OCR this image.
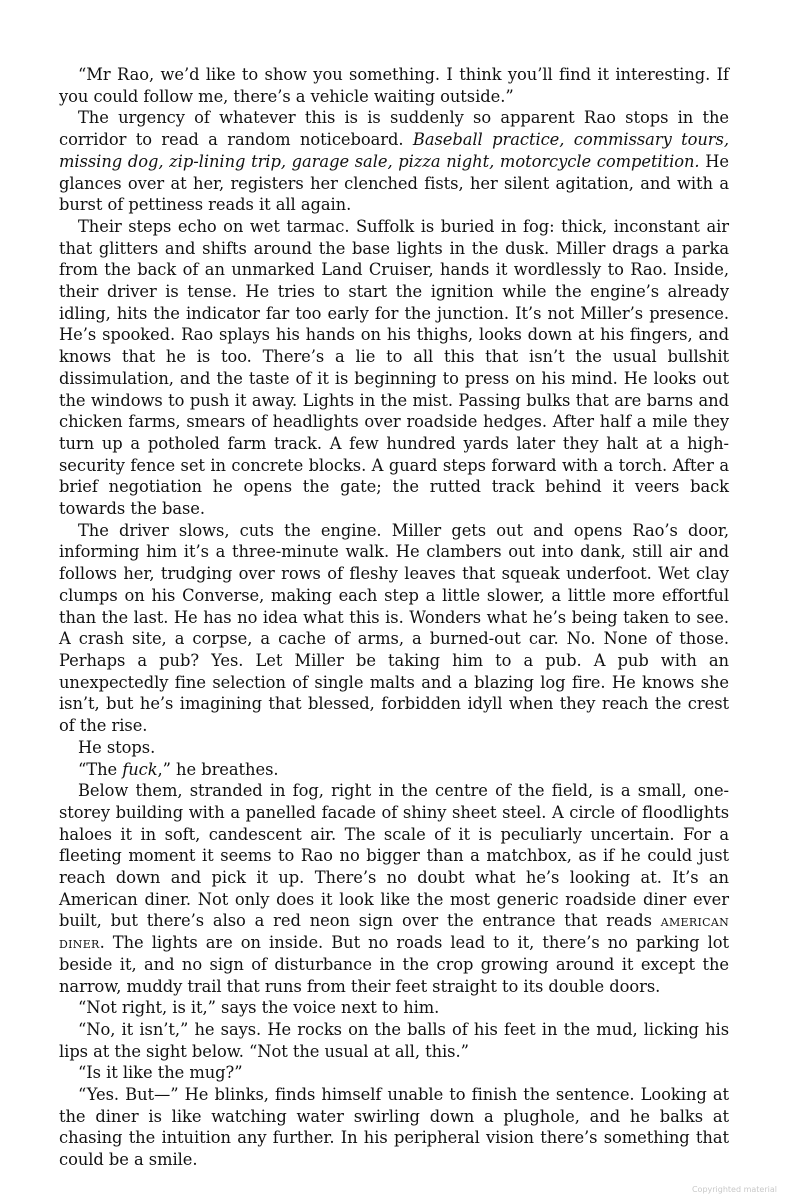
“Mr Rao, we’d like to show you something. I think you’ll find it interesting. If you could follow me, there’s a vehicle waiting outside.”

The urgency of whatever this is is suddenly so apparent Rao stops in the corridor to read a random noticeboard. Baseball practice, commissary tours, missing dog, zip-lining trip, garage sale, pizza night, motorcycle competition. He glances over at her, registers her clenched fists, her silent agitation, and with a burst of pettiness reads it all again.

Their steps echo on wet tarmac. Suffolk is buried in fog: thick, inconstant air that glitters and shifts around the base lights in the dusk. Miller drags a parka from the back of an unmarked Land Cruiser, hands it wordlessly to Rao. Inside, their driver is tense. He tries to start the ignition while the engine’s already idling, hits the indicator far too early for the junction. It’s not Miller’s presence. He’s spooked. Rao splays his hands on his thighs, looks down at his fingers, and knows that he is too. There’s a lie to all this that isn’t the usual bullshit dissimulation, and the taste of it is beginning to press on his mind. He looks out the windows to push it away. Lights in the mist. Passing bulks that are barns and chicken farms, smears of headlights over roadside hedges. After half a mile they turn up a potholed farm track. A few hundred yards later they halt at a high-security fence set in concrete blocks. A guard steps forward with a torch. After a brief negotiation he opens the gate; the rutted track behind it veers back towards the base.

The driver slows, cuts the engine. Miller gets out and opens Rao’s door, informing him it’s a three-minute walk. He clambers out into dank, still air and follows her, trudging over rows of fleshy leaves that squeak underfoot. Wet clay clumps on his Converse, making each step a little slower, a little more effortful than the last. He has no idea what this is. Wonders what he’s being taken to see. A crash site, a corpse, a cache of arms, a burned-out car. No. None of those. Perhaps a pub? Yes. Let Miller be taking him to a pub. A pub with an unexpectedly fine selection of single malts and a blazing log fire. He knows she isn’t, but he’s imagining that blessed, forbidden idyll when they reach the crest of the rise.

He stops.

“The fuck,” he breathes.

Below them, stranded in fog, right in the centre of the field, is a small, one-storey building with a panelled facade of shiny sheet steel. A circle of floodlights haloes it in soft, candescent air. The scale of it is peculiarly uncertain. For a fleeting moment it seems to Rao no bigger than a matchbox, as if he could just reach down and pick it up. There’s no doubt what he’s looking at. It’s an American diner. Not only does it look like the most generic roadside diner ever built, but there’s also a red neon sign over the entrance that reads american diner. The lights are on inside. But no roads lead to it, there’s no parking lot beside it, and no sign of disturbance in the crop growing around it except the narrow, muddy trail that runs from their feet straight to its double doors.

“Not right, is it,” says the voice next to him.

“No, it isn’t,” he says. He rocks on the balls of his feet in the mud, licking his lips at the sight below. “Not the usual at all, this.”

“Is it like the mug?”

“Yes. But—” He blinks, finds himself unable to finish the sentence. Looking at the diner is like watching water swirling down a plughole, and he balks at chasing the intuition any further. In his peripheral vision there’s something that could be a smile.

Copyrighted material
